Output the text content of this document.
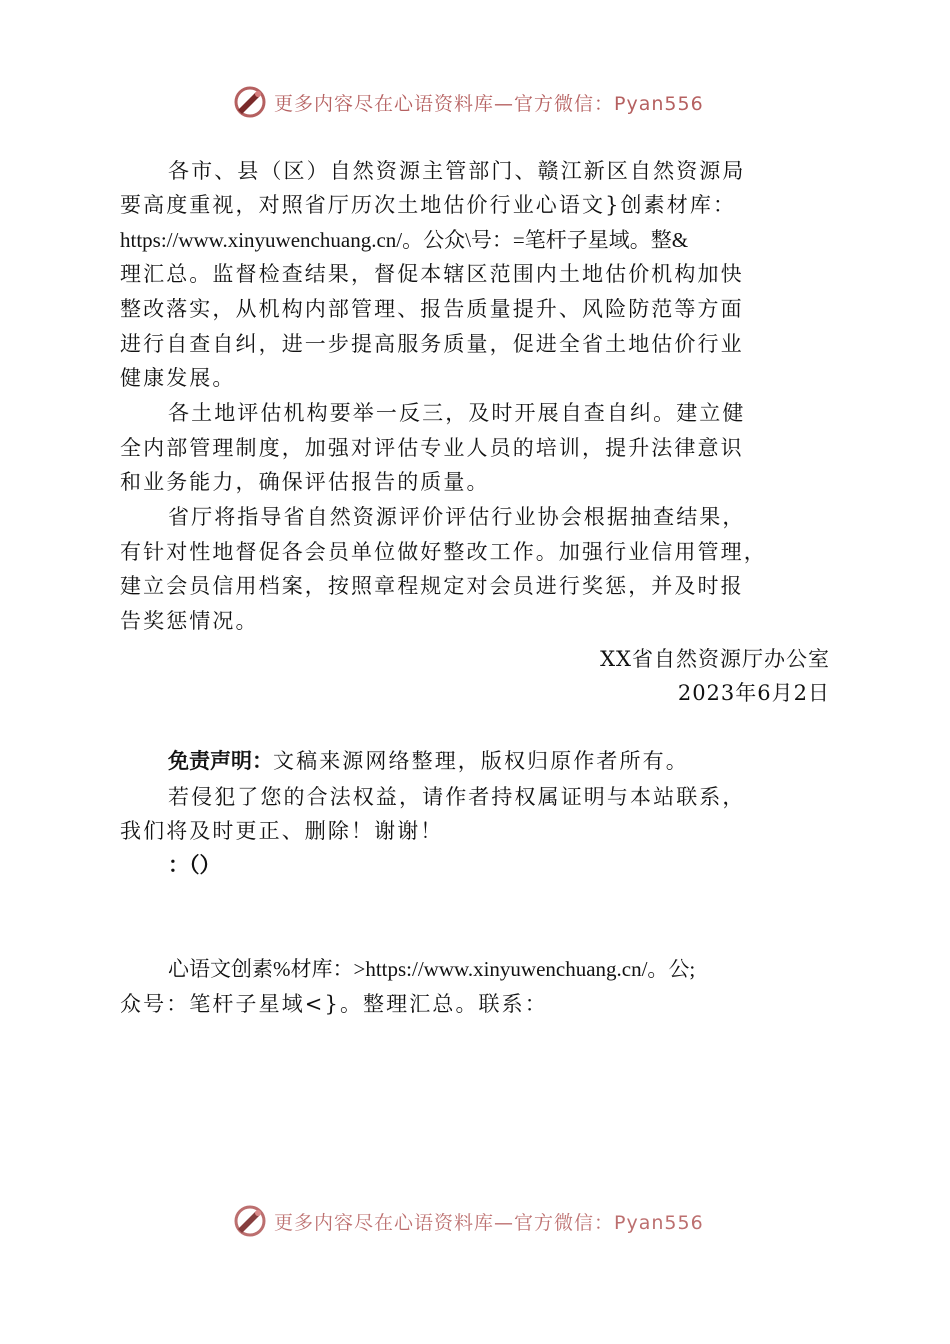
更多内容尽在心语资料库—官方微信：Pyan556
各市、县（区）自然资源主管部门、赣江新区自然资源局
要高度重视，对照省厅历次土地估价行业心语文}创素材库：
https://www.xinyuwenchuang.cn/。公众\号：=笔杆子星域。整&
理汇总。监督检查结果，督促本辖区范围内土地估价机构加快
整改落实，从机构内部管理、报告质量提升、风险防范等方面
进行自查自纠，进一步提高服务质量，促进全省土地估价行业
健康发展。
各土地评估机构要举一反三，及时开展自查自纠。建立健
全内部管理制度，加强对评估专业人员的培训，提升法律意识
和业务能力，确保评估报告的质量。
省厅将指导省自然资源评价评估行业协会根据抽查结果，
有针对性地督促各会员单位做好整改工作。加强行业信用管理，
建立会员信用档案，按照章程规定对会员进行奖惩，并及时报
告奖惩情况。
XX省自然资源厅办公室
2023年6月2日
免责声明：文稿来源网络整理，版权归原作者所有。
若侵犯了您的合法权益，请作者持权属证明与本站联系，
我们将及时更正、删除！谢谢！
：（）
心语文创素%材库：>https://www.xinyuwenchuang.cn/。公;
众号：笔杆子星域<}。整理汇总。联系：
更多内容尽在心语资料库—官方微信：Pyan556
